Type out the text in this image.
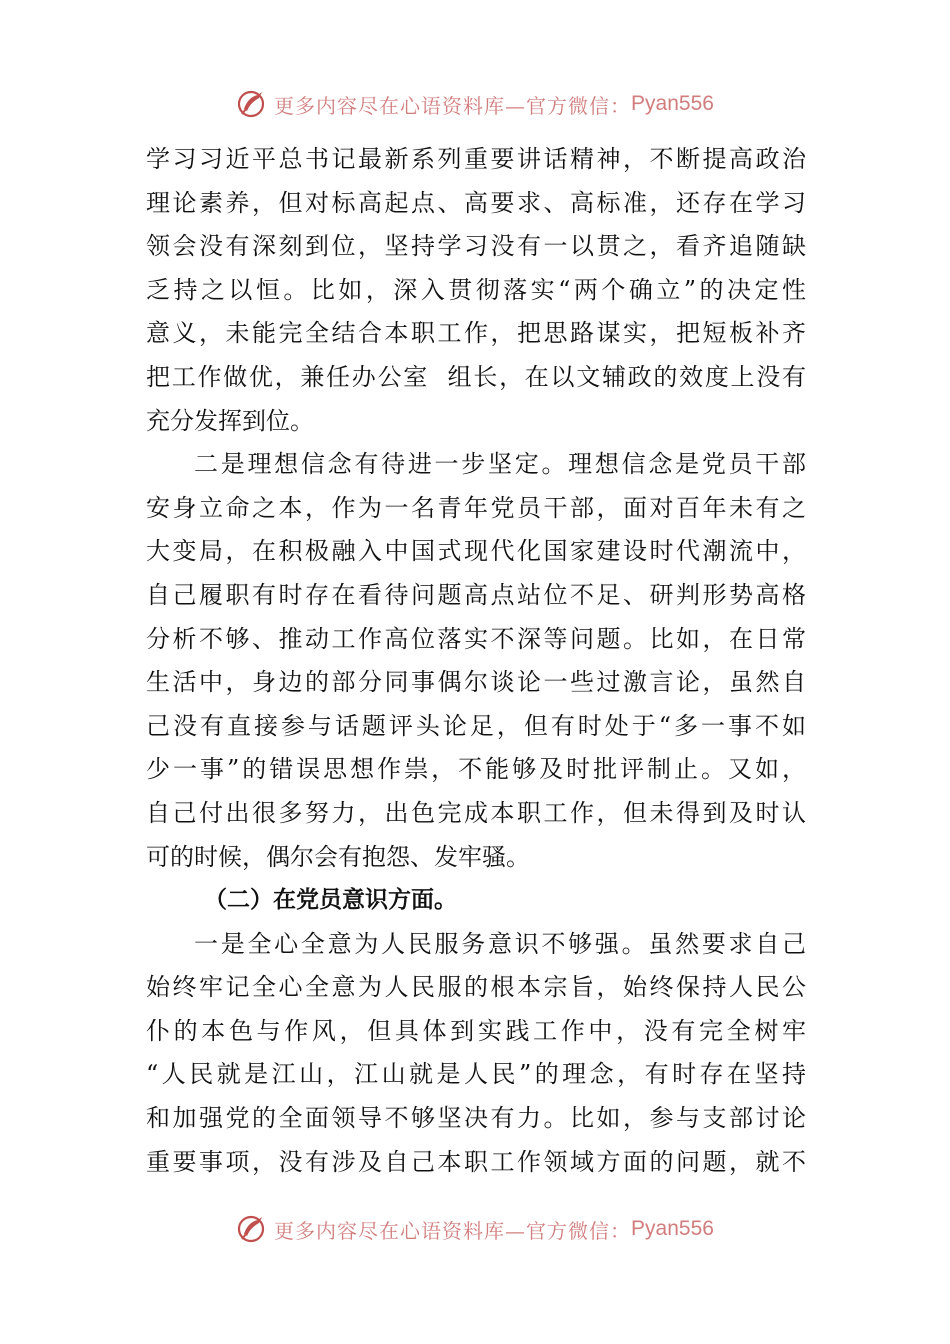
更多内容尽在心语资料库—官方微信： Pyan556
学习习近平总书记最新系列重要讲话精神，不断提高政治
理论素养，但对标高起点、高要求、高标准，还存在学习
领会没有深刻到位，坚持学习没有一以贯之，看齐追随缺
乏持之以恒。比如，深入贯彻落实“两个确立”的决定性
意义，未能完全结合本职工作，把思路谋实，把短板补齐
把工作做优，兼任办公室  组长，在以文辅政的效度上没有
充分发挥到位。
二是理想信念有待进一步坚定。理想信念是党员干部
安身立命之本，作为一名青年党员干部，面对百年未有之
大变局，在积极融入中国式现代化国家建设时代潮流中，
自己履职有时存在看待问题高点站位不足、研判形势高格
分析不够、推动工作高位落实不深等问题。比如，在日常
生活中，身边的部分同事偶尔谈论一些过激言论，虽然自
己没有直接参与话题评头论足，但有时处于“多一事不如
少一事”的错误思想作祟，不能够及时批评制止。又如，
自己付出很多努力，出色完成本职工作，但未得到及时认
可的时候，偶尔会有抱怨、发牢骚。
（二）在党员意识方面。
一是全心全意为人民服务意识不够强。虽然要求自己
始终牢记全心全意为人民服的根本宗旨，始终保持人民公
仆的本色与作风，但具体到实践工作中，没有完全树牢
“人民就是江山，江山就是人民”的理念，有时存在坚持
和加强党的全面领导不够坚决有力。比如，参与支部讨论
重要事项，没有涉及自己本职工作领域方面的问题，就不
更多内容尽在心语资料库—官方微信： Pyan556
